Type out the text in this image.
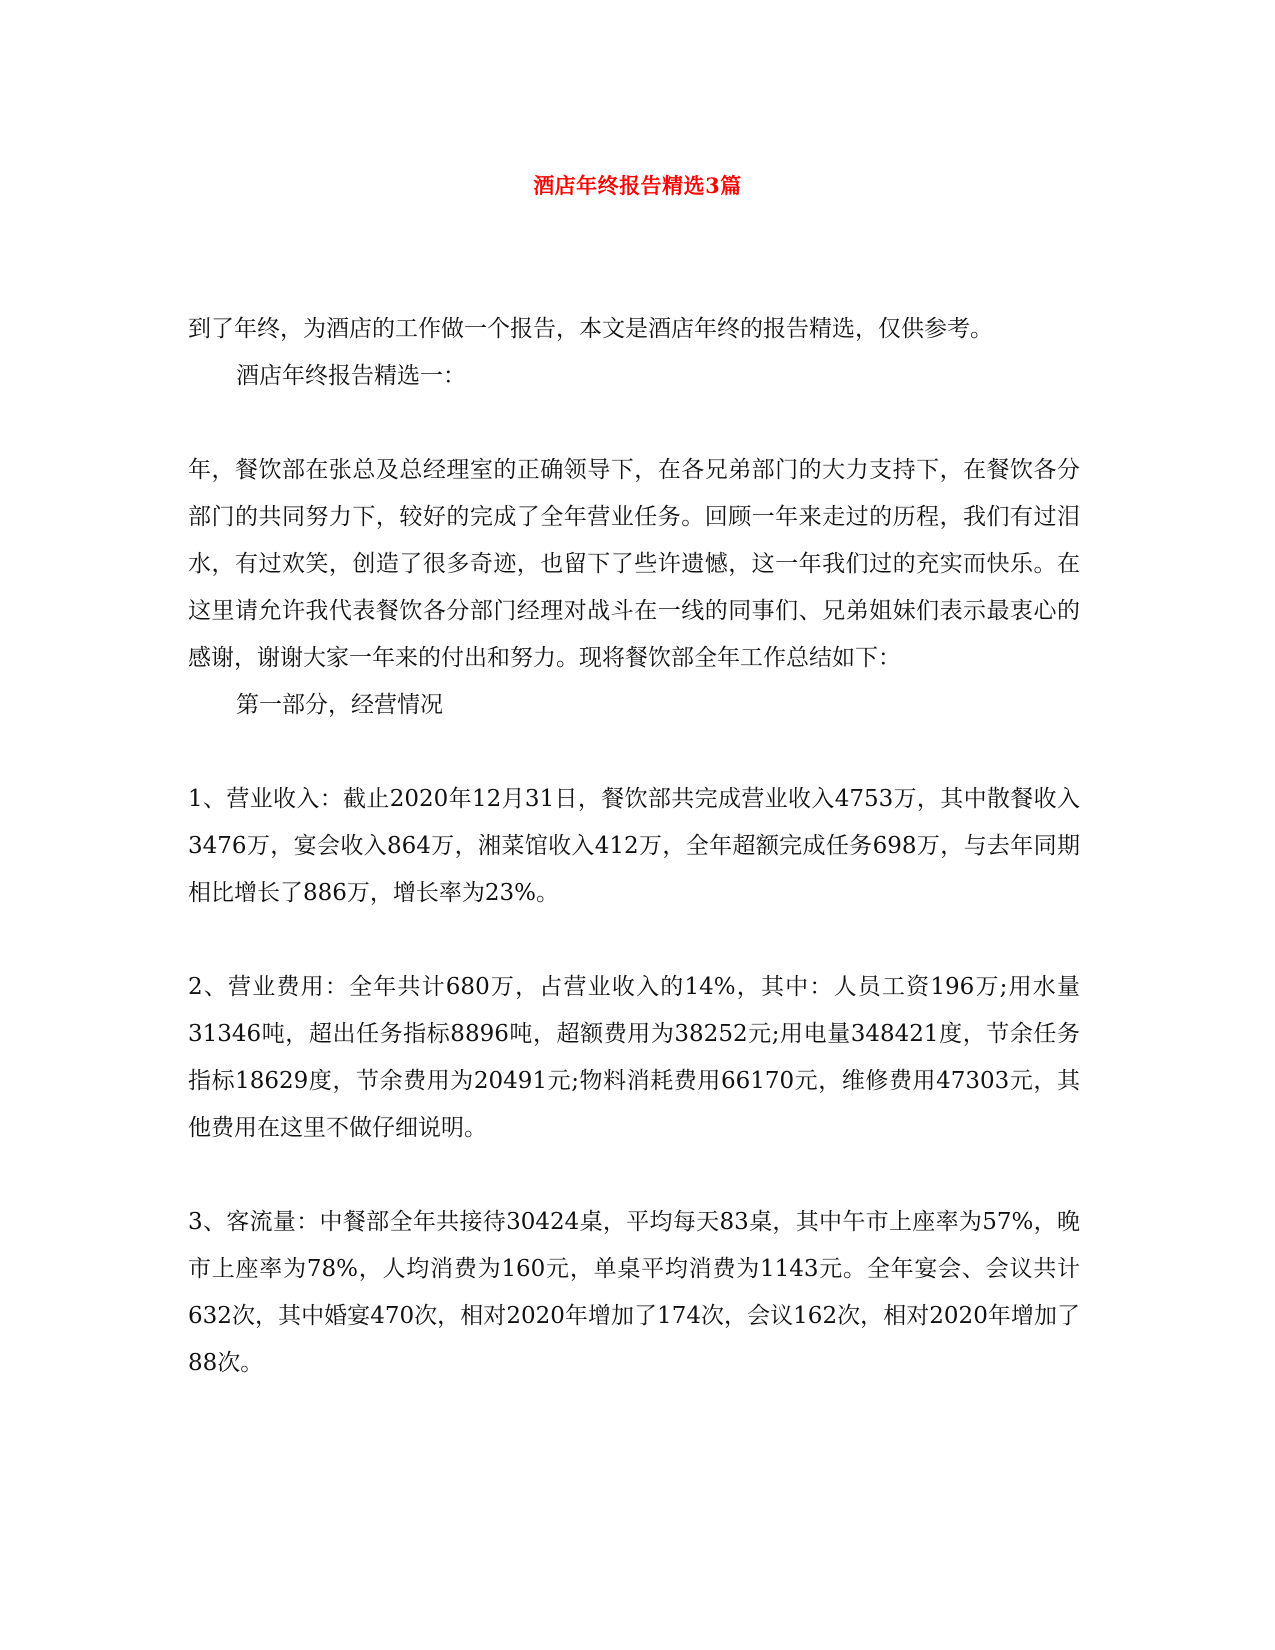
酒店年终报告精选3篇

到了年终，为酒店的工作做一个报告，本文是酒店年终的报告精选，仅供参考。

酒店年终报告精选一：

年，餐饮部在张总及总经理室的正确领导下，在各兄弟部门的大力支持下，在餐饮各分部门的共同努力下，较好的完成了全年营业任务。回顾一年来走过的历程，我们有过泪水，有过欢笑，创造了很多奇迹，也留下了些许遗憾，这一年我们过的充实而快乐。在这里请允许我代表餐饮各分部门经理对战斗在一线的同事们、兄弟姐妹们表示最衷心的感谢，谢谢大家一年来的付出和努力。现将餐饮部全年工作总结如下：

第一部分，经营情况

1、营业收入：截止2020年12月31日，餐饮部共完成营业收入4753万，其中散餐收入3476万，宴会收入864万，湘菜馆收入412万，全年超额完成任务698万，与去年同期相比增长了886万，增长率为23%。

2、营业费用：全年共计680万，占营业收入的14%，其中：人员工资196万;用水量31346吨，超出任务指标8896吨，超额费用为38252元;用电量348421度，节余任务指标18629度，节余费用为20491元;物料消耗费用66170元，维修费用47303元，其他费用在这里不做仔细说明。

3、客流量：中餐部全年共接待30424桌，平均每天83桌，其中午市上座率为57%，晚市上座率为78%，人均消费为160元，单桌平均消费为1143元。全年宴会、会议共计632次，其中婚宴470次，相对2020年增加了174次，会议162次，相对2020年增加了88次。
